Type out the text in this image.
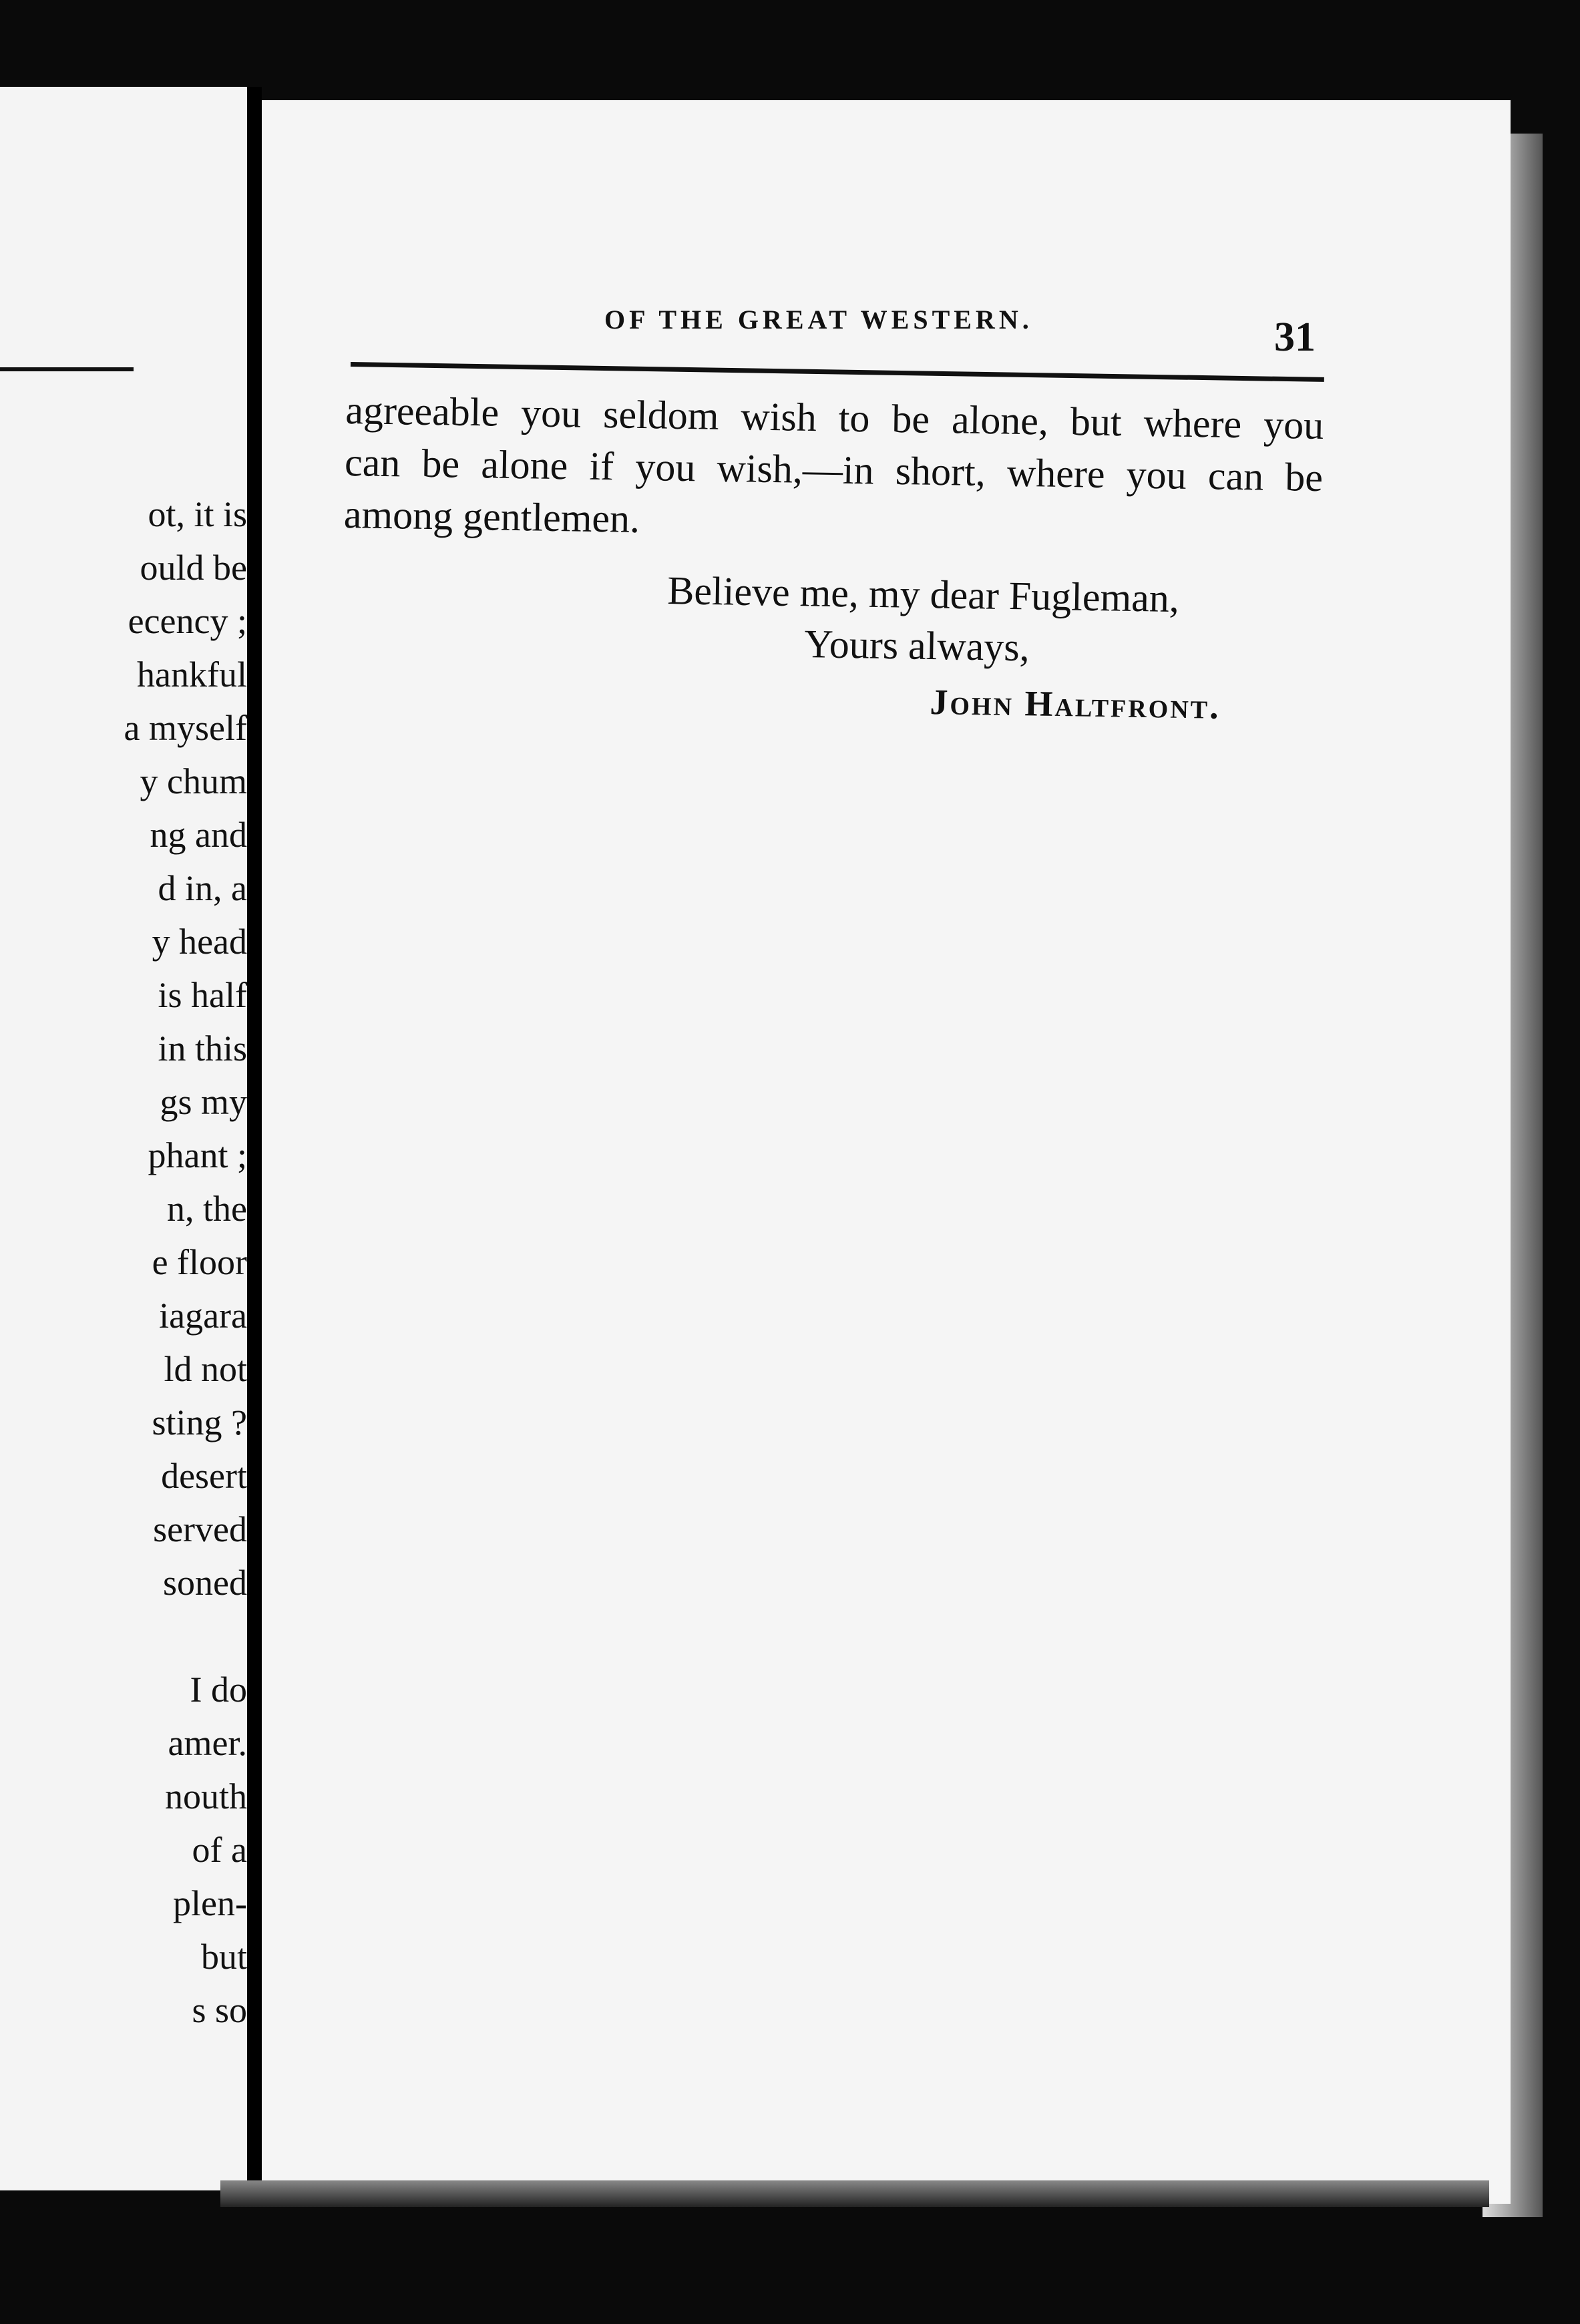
ot, it is
ould be
ecency ;
hankful
a myself
y chum
ng and
d in, a
y head
is half
in this
gs my
phant ;
n, the
e floor
iagara
ld not
sting ?
desert
served
soned
I do
amer.
nouth
of a
plen-
but
s so
OF THE GREAT WESTERN.	31
agreeable you seldom wish to be alone, but where you
can be alone if you wish,—in short, where you can be
among gentlemen.
Believe me, my dear Fugleman,
Yours always,
John Haltfront.
